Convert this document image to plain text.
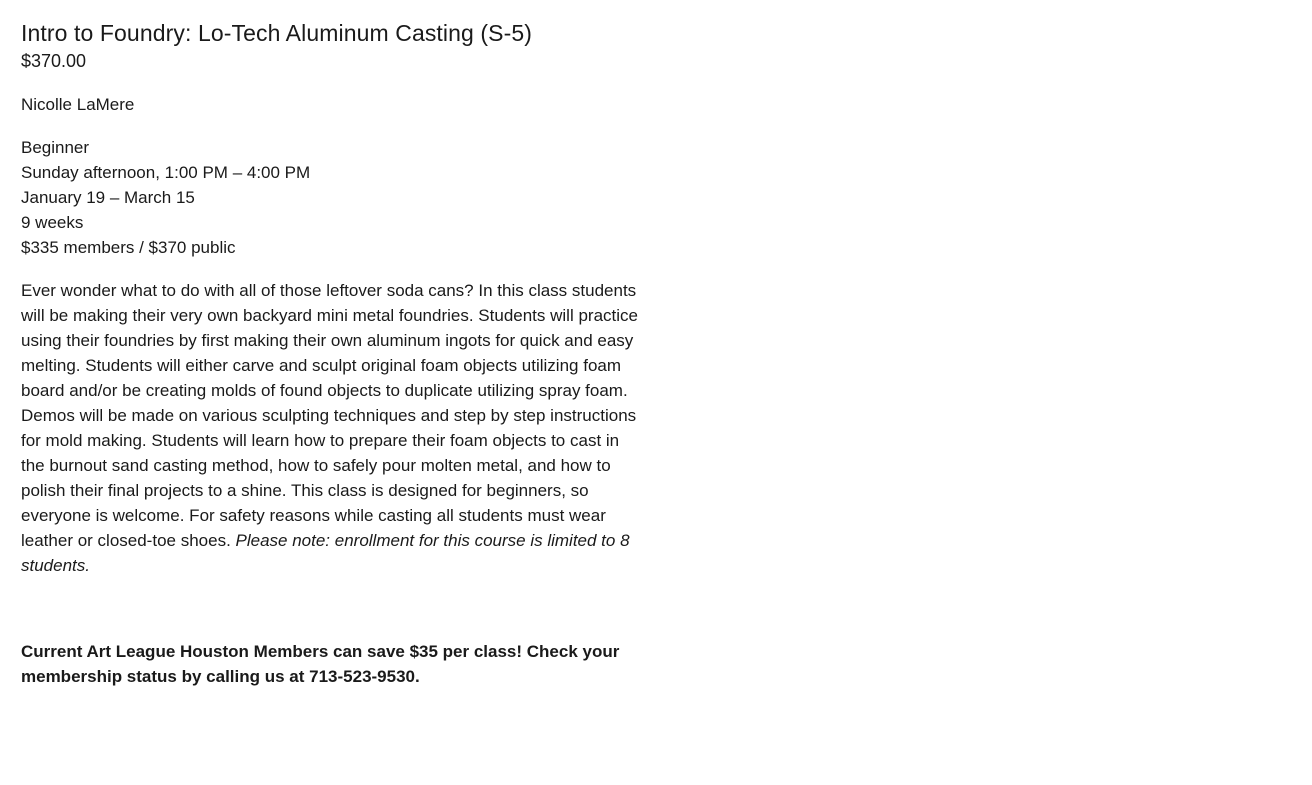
Intro to Foundry: Lo-Tech Aluminum Casting (S-5)
$370.00
Nicolle LaMere
Beginner
Sunday afternoon, 1:00 PM – 4:00 PM
January 19 – March 15
9 weeks
$335 members / $370 public

Ever wonder what to do with all of those leftover soda cans? In this class students will be making their very own backyard mini metal foundries. Students will practice using their foundries by first making their own aluminum ingots for quick and easy melting. Students will either carve and sculpt original foam objects utilizing foam board and/or be creating molds of found objects to duplicate utilizing spray foam. Demos will be made on various sculpting techniques and step by step instructions for mold making. Students will learn how to prepare their foam objects to cast in the burnout sand casting method, how to safely pour molten metal, and how to polish their final projects to a shine. This class is designed for beginners, so everyone is welcome. For safety reasons while casting all students must wear leather or closed-toe shoes. Please note: enrollment for this course is limited to 8 students.

Current Art League Houston Members can save $35 per class! Check your membership status by calling us at 713-523-9530.
